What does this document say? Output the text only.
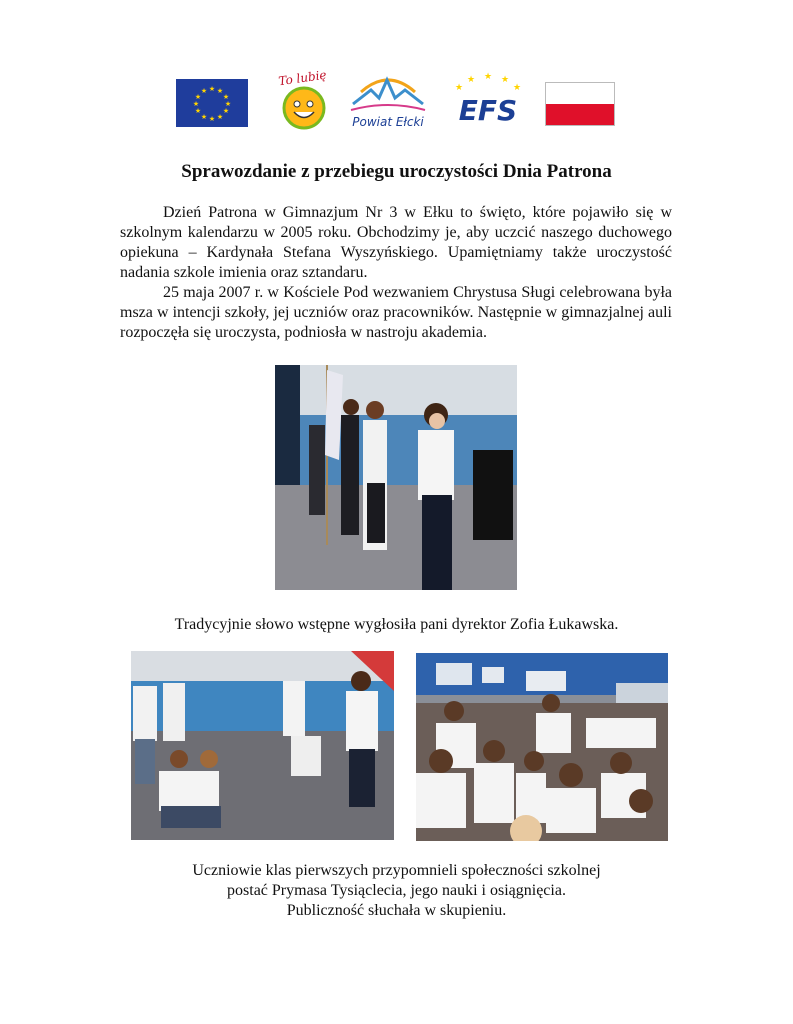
★ ★
★
★
★
★
★
★
★
★
★
★
To lubię
Powiat Ełcki
★
★ ★ ★
★
EFS
Sprawozdanie z przebiegu uroczystości Dnia Patrona

Dzień Patrona w Gimnazjum Nr 3 w Ełku to święto, które pojawiło się w szkolnym kalendarzu w 2005 roku. Obchodzimy je, aby uczcić naszego duchowego opiekuna – Kardynała Stefana Wyszyńskiego. Upamiętniamy także uroczystość nadania szkole imienia oraz sztandaru.

25 maja 2007 r. w Kościele Pod wezwaniem Chrystusa Sługi celebrowana była msza w intencji szkoły, jej uczniów oraz pracowników. Następnie w gimnazjalnej auli rozpoczęła się uroczysta, podniosła w nastroju akademia.

Tradycyjnie słowo wstępne wygłosiła pani dyrektor Zofia Łukawska.

Uczniowie klas pierwszych przypomnieli społeczności szkolnej
postać Prymasa Tysiąclecia, jego nauki i osiągnięcia.
Publiczność słuchała w skupieniu.
